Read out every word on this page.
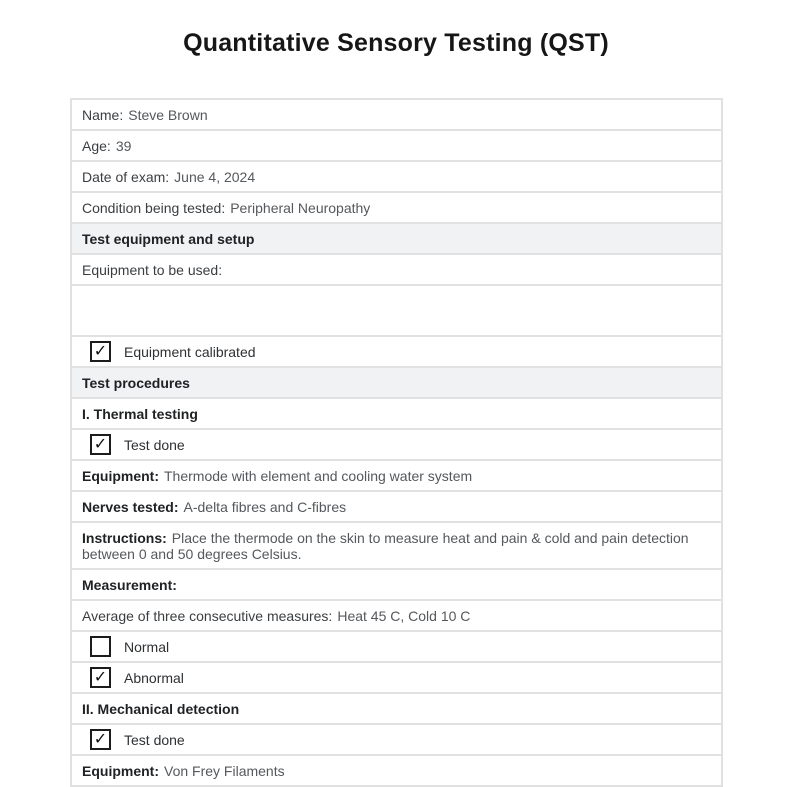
Quantitative Sensory Testing (QST)
Name: Steve Brown
Age: 39
Date of exam: June 4, 2024
Condition being tested: Peripheral Neuropathy
Test equipment and setup
Equipment to be used:
✓ Equipment calibrated
Test procedures
I. Thermal testing
✓ Test done
Equipment: Thermode with element and cooling water system
Nerves tested: A-delta fibres and C-fibres
Instructions: Place the thermode on the skin to measure heat and pain & cold and pain detection between 0 and 50 degrees Celsius.
Measurement:
Average of three consecutive measures: Heat 45 C, Cold 10 C
Normal
✓ Abnormal
II. Mechanical detection
✓ Test done
Equipment: Von Frey Filaments
